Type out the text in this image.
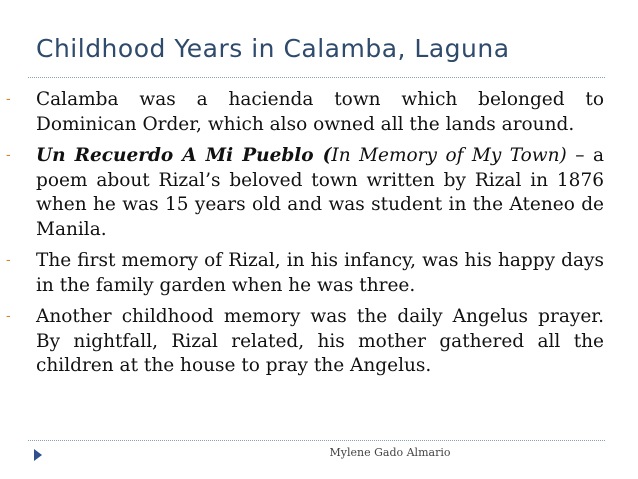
Childhood Years in Calamba, Laguna
- Calamba was a hacienda town which belonged to Dominican Order, which also owned all the lands around.
- Un Recuerdo A Mi Pueblo (In Memory of My Town) – a poem about Rizal’s beloved town written by Rizal in 1876 when he was 15 years old and was student in the Ateneo de Manila.
- The first memory of Rizal, in his infancy, was his happy days in the family garden when he was three.
- Another childhood memory was the daily Angelus prayer. By nightfall, Rizal related, his mother gathered all the children at the house to pray the Angelus.
Mylene Gado Almario
